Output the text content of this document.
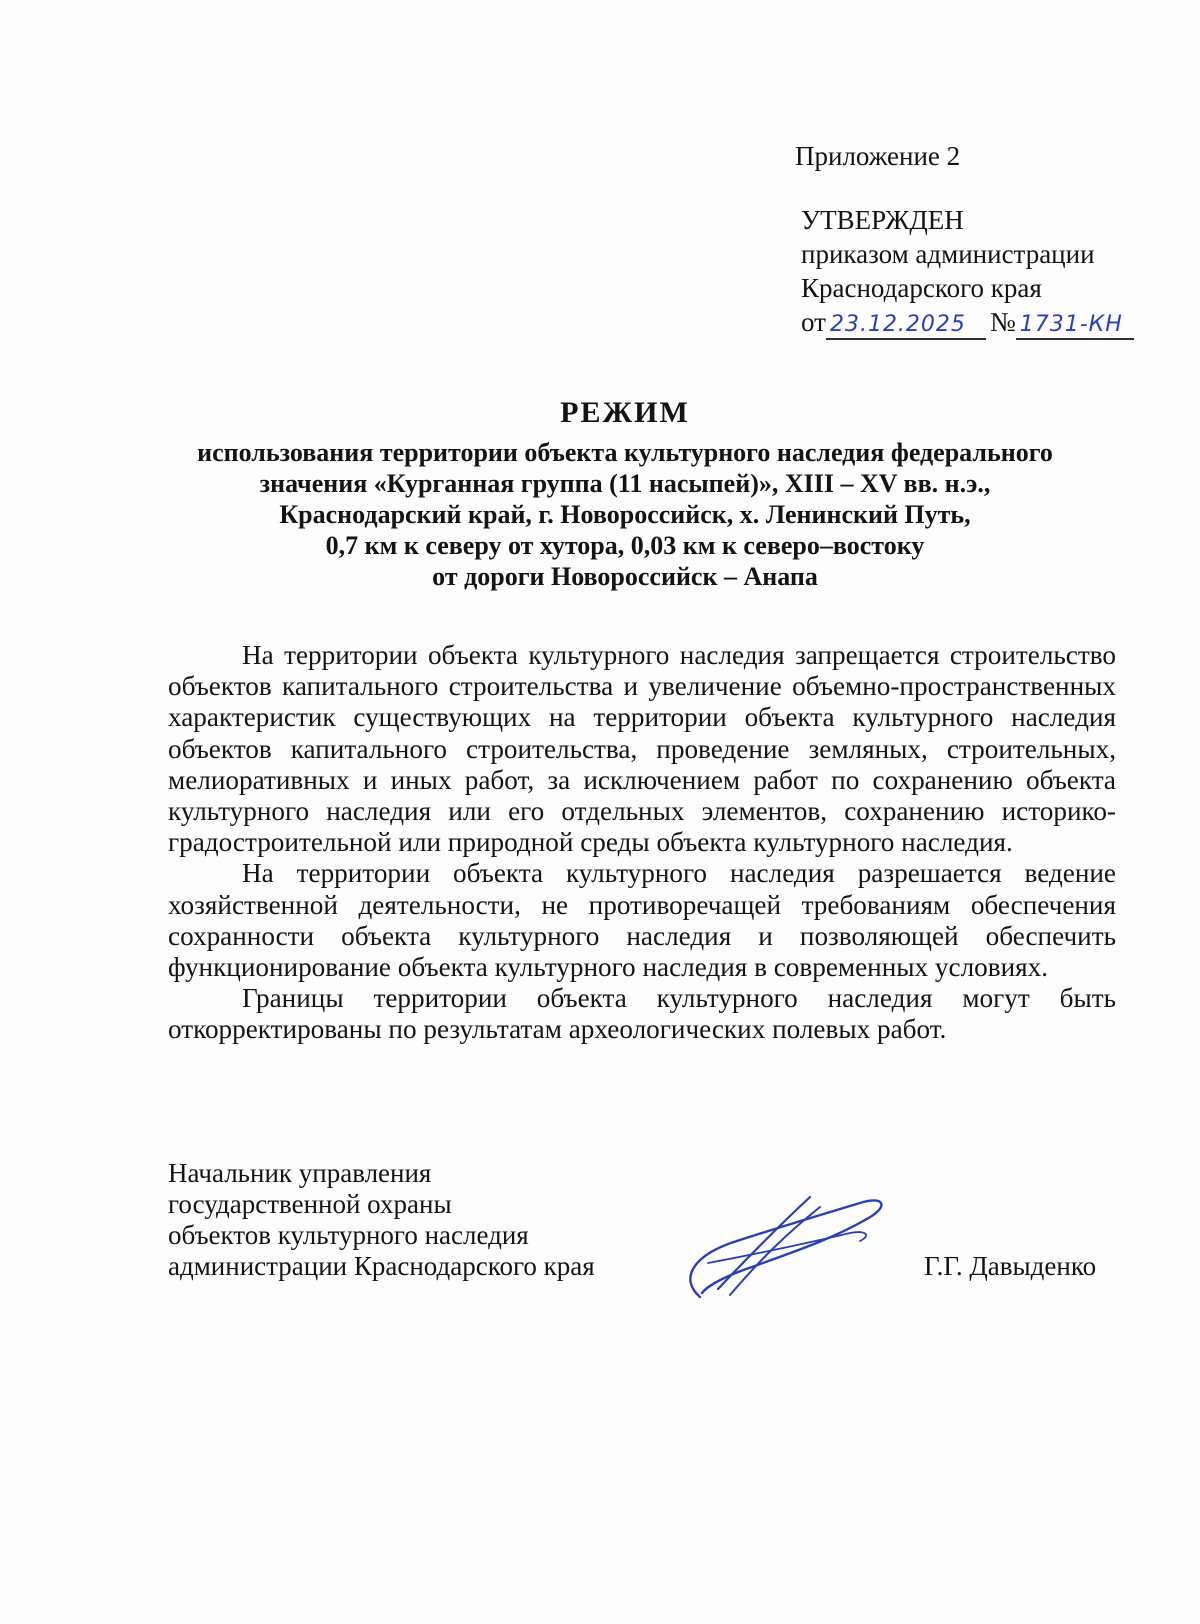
Приложение 2
УТВЕРЖДЕН
приказом администрации
Краснодарского края
от 23.12.2025 № 1731-КН
РЕЖИМ
использования территории объекта культурного наследия федерального
значения «Курганная группа (11 насыпей)», XIII – XV вв. н.э.,
Краснодарский край, г. Новороссийск, х. Ленинский Путь,
0,7 км к северу от хутора, 0,03 км к северо–востоку
от дороги Новороссийск – Анапа

На территории объекта культурного наследия запрещается строительство объектов капитального строительства и увеличение объемно-пространственных характеристик существующих на территории объекта культурного наследия объектов капитального строительства, проведение земляных, строительных, мелиоративных и иных работ, за исключением работ по сохранению объекта культурного наследия или его отдельных элементов, сохранению историко-градостроительной или природной среды объекта культурного наследия.

На территории объекта культурного наследия разрешается ведение хозяйственной деятельности, не противоречащей требованиям обеспечения сохранности объекта культурного наследия и позволяющей обеспечить функционирование объекта культурного наследия в современных условиях.

Границы территории объекта культурного наследия могут быть откорректированы по результатам археологических полевых работ.

Начальник управления
государственной охраны
объектов культурного наследия
администрации Краснодарского края	Г.Г. Давыденко
